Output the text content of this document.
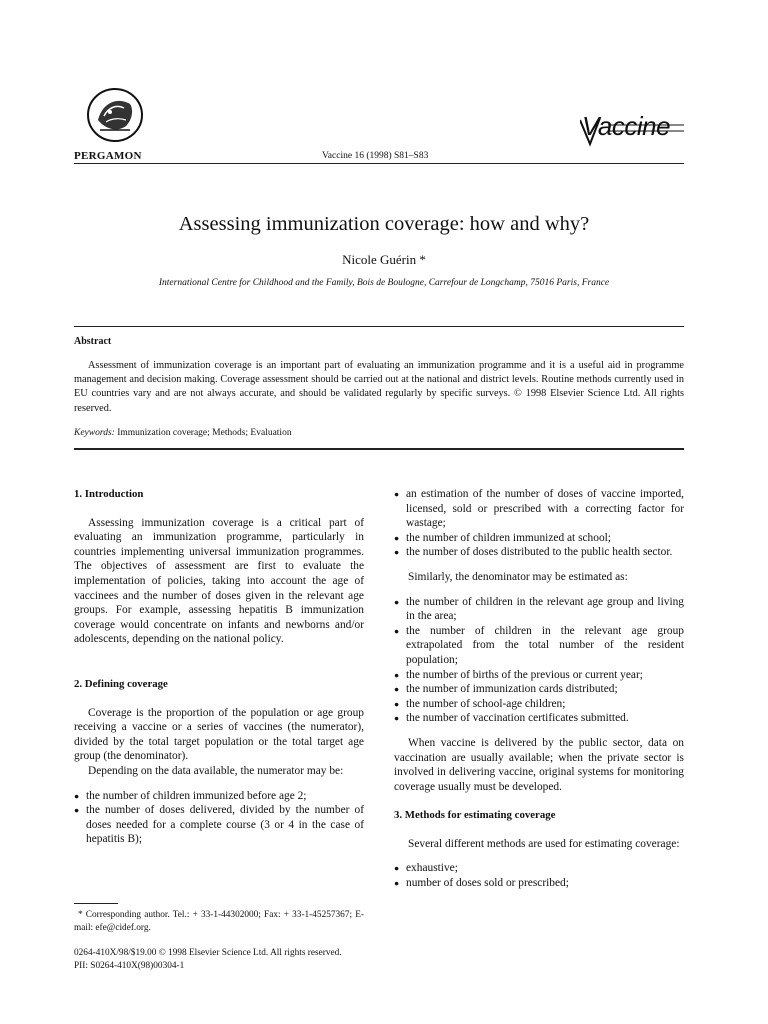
PERGAMON	Vaccine 16 (1998) S81–S83
Vaccine
Assessing immunization coverage: how and why?
Nicole Guérin *
International Centre for Childhood and the Family, Bois de Boulogne, Carrefour de Longchamp, 75016 Paris, France
Abstract

Assessment of immunization coverage is an important part of evaluating an immunization programme and it is a useful aid in programme management and decision making. Coverage assessment should be carried out at the national and district levels. Routine methods currently used in EU countries vary and are not always accurate, and should be validated regularly by specific surveys. © 1998 Elsevier Science Ltd. All rights reserved.

Keywords: Immunization coverage; Methods; Evaluation
1. Introduction

Assessing immunization coverage is a critical part of evaluating an immunization programme, particularly in countries implementing universal immunization programmes. The objectives of assessment are first to evaluate the implementation of policies, taking into account the age of vaccinees and the number of doses given in the relevant age groups. For example, assessing hepatitis B immunization coverage would concentrate on infants and newborns and/or adolescents, depending on the national policy.

2. Defining coverage

Coverage is the proportion of the population or age group receiving a vaccine or a series of vaccines (the numerator), divided by the total target population or the total target age group (the denominator).

Depending on the data available, the numerator may be:

● the number of children immunized before age 2;
● the number of doses delivered, divided by the number of doses needed for a complete course (3 or 4 in the case of hepatitis B);

* Corresponding author. Tel.: + 33-1-44302000; Fax: + 33-1-45257367; E-mail: efe@cidef.org.

0264-410X/98/$19.00 © 1998 Elsevier Science Ltd. All rights reserved.
PII: S0264-410X(98)00304-1
● an estimation of the number of doses of vaccine imported, licensed, sold or prescribed with a correcting factor for wastage;
● the number of children immunized at school;
● the number of doses distributed to the public health sector.

Similarly, the denominator may be estimated as:

● the number of children in the relevant age group and living in the area;
● the number of children in the relevant age group extrapolated from the total number of the resident population;
● the number of births of the previous or current year;
● the number of immunization cards distributed;
● the number of school-age children;
● the number of vaccination certificates submitted.

When vaccine is delivered by the public sector, data on vaccination are usually available; when the private sector is involved in delivering vaccine, original systems for monitoring coverage usually must be developed.

3. Methods for estimating coverage

Several different methods are used for estimating coverage:

● exhaustive;
● number of doses sold or prescribed;
